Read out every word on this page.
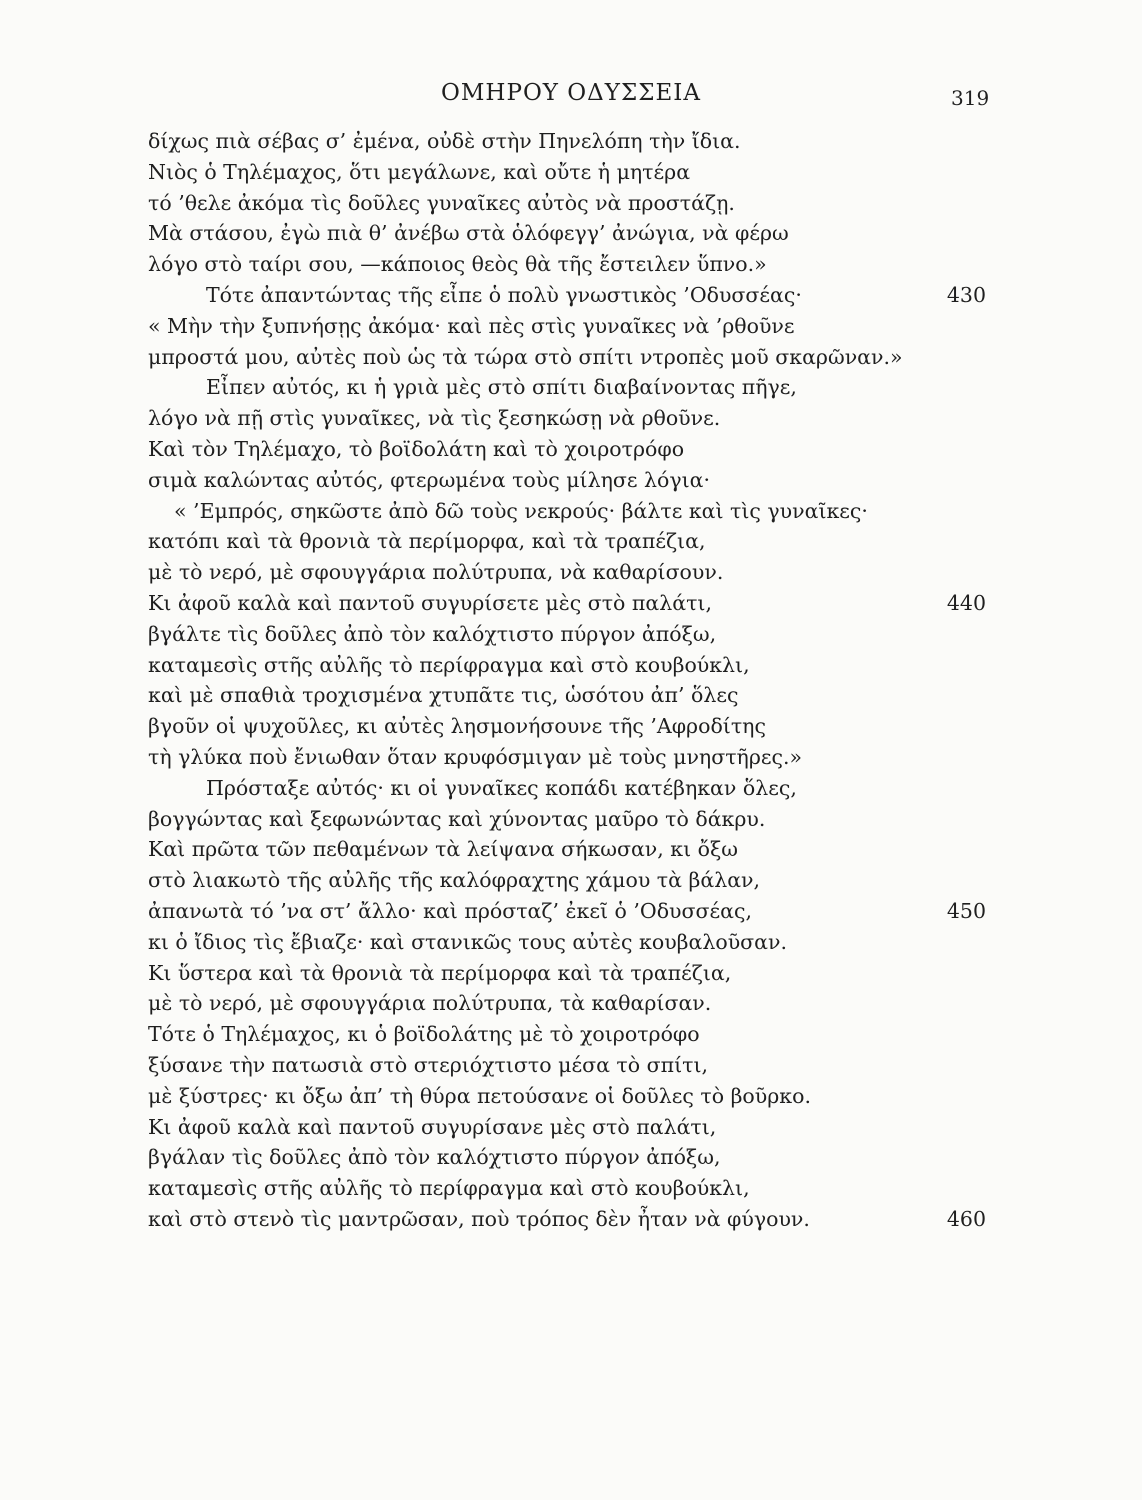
ΟΜΗΡΟΥ ΟΔΥΣΣΕΙΑ	319
δίχως πιὰ σέβας σ’ ἐμένα, οὐδὲ στὴν Πηνελόπη τὴν ἴδια.
Νιὸς ὁ Τηλέμαχος, ὅτι μεγάλωνε, καὶ οὔτε ἡ μητέρα
τό ’θελε ἀκόμα τὶς δοῦλες γυναῖκες αὐτὸς νὰ προστάζῃ.
Μὰ στάσου, ἐγὼ πιὰ θ’ ἀνέβω στὰ ὁλόφεγγ’ ἀνώγια, νὰ φέρω
λόγο στὸ ταίρι σου, —κάποιος θεὸς θὰ τῆς ἔστειλεν ὕπνο.»
Τότε ἀπαντώντας τῆς εἶπε ὁ πολὺ γνωστικὸς ’Οδυσσέας·	430
« Μὴν τὴν ξυπνήσῃς ἀκόμα· καὶ πὲς στὶς γυναῖκες νὰ ’ρθοῦνε
μπροστά μου, αὐτὲς ποὺ ὡς τὰ τώρα στὸ σπίτι ντροπὲς μοῦ σκαρῶναν.»
Εἶπεν αὐτός, κι ἡ γριὰ μὲς στὸ σπίτι διαβαίνοντας πῆγε,
λόγο νὰ πῇ στὶς γυναῖκες, νὰ τὶς ξεσηκώσῃ νὰ ρθοῦνε.
Καὶ τὸν Τηλέμαχο, τὸ βοϊδολάτη καὶ τὸ χοιροτρόφο
σιμὰ καλώντας αὐτός, φτερωμένα τοὺς μίλησε λόγια·
« ’Εμπρός, σηκῶστε ἀπὸ δῶ τοὺς νεκρούς· βάλτε καὶ τὶς γυναῖκες·
κατόπι καὶ τὰ θρονιὰ τὰ περίμορφα, καὶ τὰ τραπέζια,
μὲ τὸ νερό, μὲ σφουγγάρια πολύτρυπα, νὰ καθαρίσουν.
Κι ἀφοῦ καλὰ καὶ παντοῦ συγυρίσετε μὲς στὸ παλάτι,	440
βγάλτε τὶς δοῦλες ἀπὸ τὸν καλόχτιστο πύργον ἀπόξω,
καταμεσὶς στῆς αὐλῆς τὸ περίφραγμα καὶ στὸ κουβούκλι,
καὶ μὲ σπαθιὰ τροχισμένα χτυπᾶτε τις, ὡσότου ἀπ’ ὅλες
βγοῦν οἱ ψυχοῦλες, κι αὐτὲς λησμονήσουνε τῆς ’Αφροδίτης
τὴ γλύκα ποὺ ἔνιωθαν ὅταν κρυφόσμιγαν μὲ τοὺς μνηστῆρες.»
Πρόσταξε αὐτός· κι οἱ γυναῖκες κοπάδι κατέβηκαν ὅλες,
βογγώντας καὶ ξεφωνώντας καὶ χύνοντας μαῦρο τὸ δάκρυ.
Καὶ πρῶτα τῶν πεθαμένων τὰ λείψανα σήκωσαν, κι ὄξω
στὸ λιακωτὸ τῆς αὐλῆς τῆς καλόφραχτης χάμου τὰ βάλαν,
ἀπανωτὰ τό ’να στ’ ἄλλο· καὶ πρόσταζ’ ἐκεῖ ὁ ’Οδυσσέας,	450
κι ὁ ἴδιος τὶς ἔβιαζε· καὶ στανικῶς τους αὐτὲς κουβαλοῦσαν.
Κι ὕστερα καὶ τὰ θρονιὰ τὰ περίμορφα καὶ τὰ τραπέζια,
μὲ τὸ νερό, μὲ σφουγγάρια πολύτρυπα, τὰ καθαρίσαν.
Τότε ὁ Τηλέμαχος, κι ὁ βοϊδολάτης μὲ τὸ χοιροτρόφο
ξύσανε τὴν πατωσιὰ στὸ στεριόχτιστο μέσα τὸ σπίτι,
μὲ ξύστρες· κι ὄξω ἀπ’ τὴ θύρα πετούσανε οἱ δοῦλες τὸ βοῦρκο.
Κι ἀφοῦ καλὰ καὶ παντοῦ συγυρίσανε μὲς στὸ παλάτι,
βγάλαν τὶς δοῦλες ἀπὸ τὸν καλόχτιστο πύργον ἀπόξω,
καταμεσὶς στῆς αὐλῆς τὸ περίφραγμα καὶ στὸ κουβούκλι,
καὶ στὸ στενὸ τὶς μαντρῶσαν, ποὺ τρόπος δὲν ἦταν νὰ φύγουν.	460
